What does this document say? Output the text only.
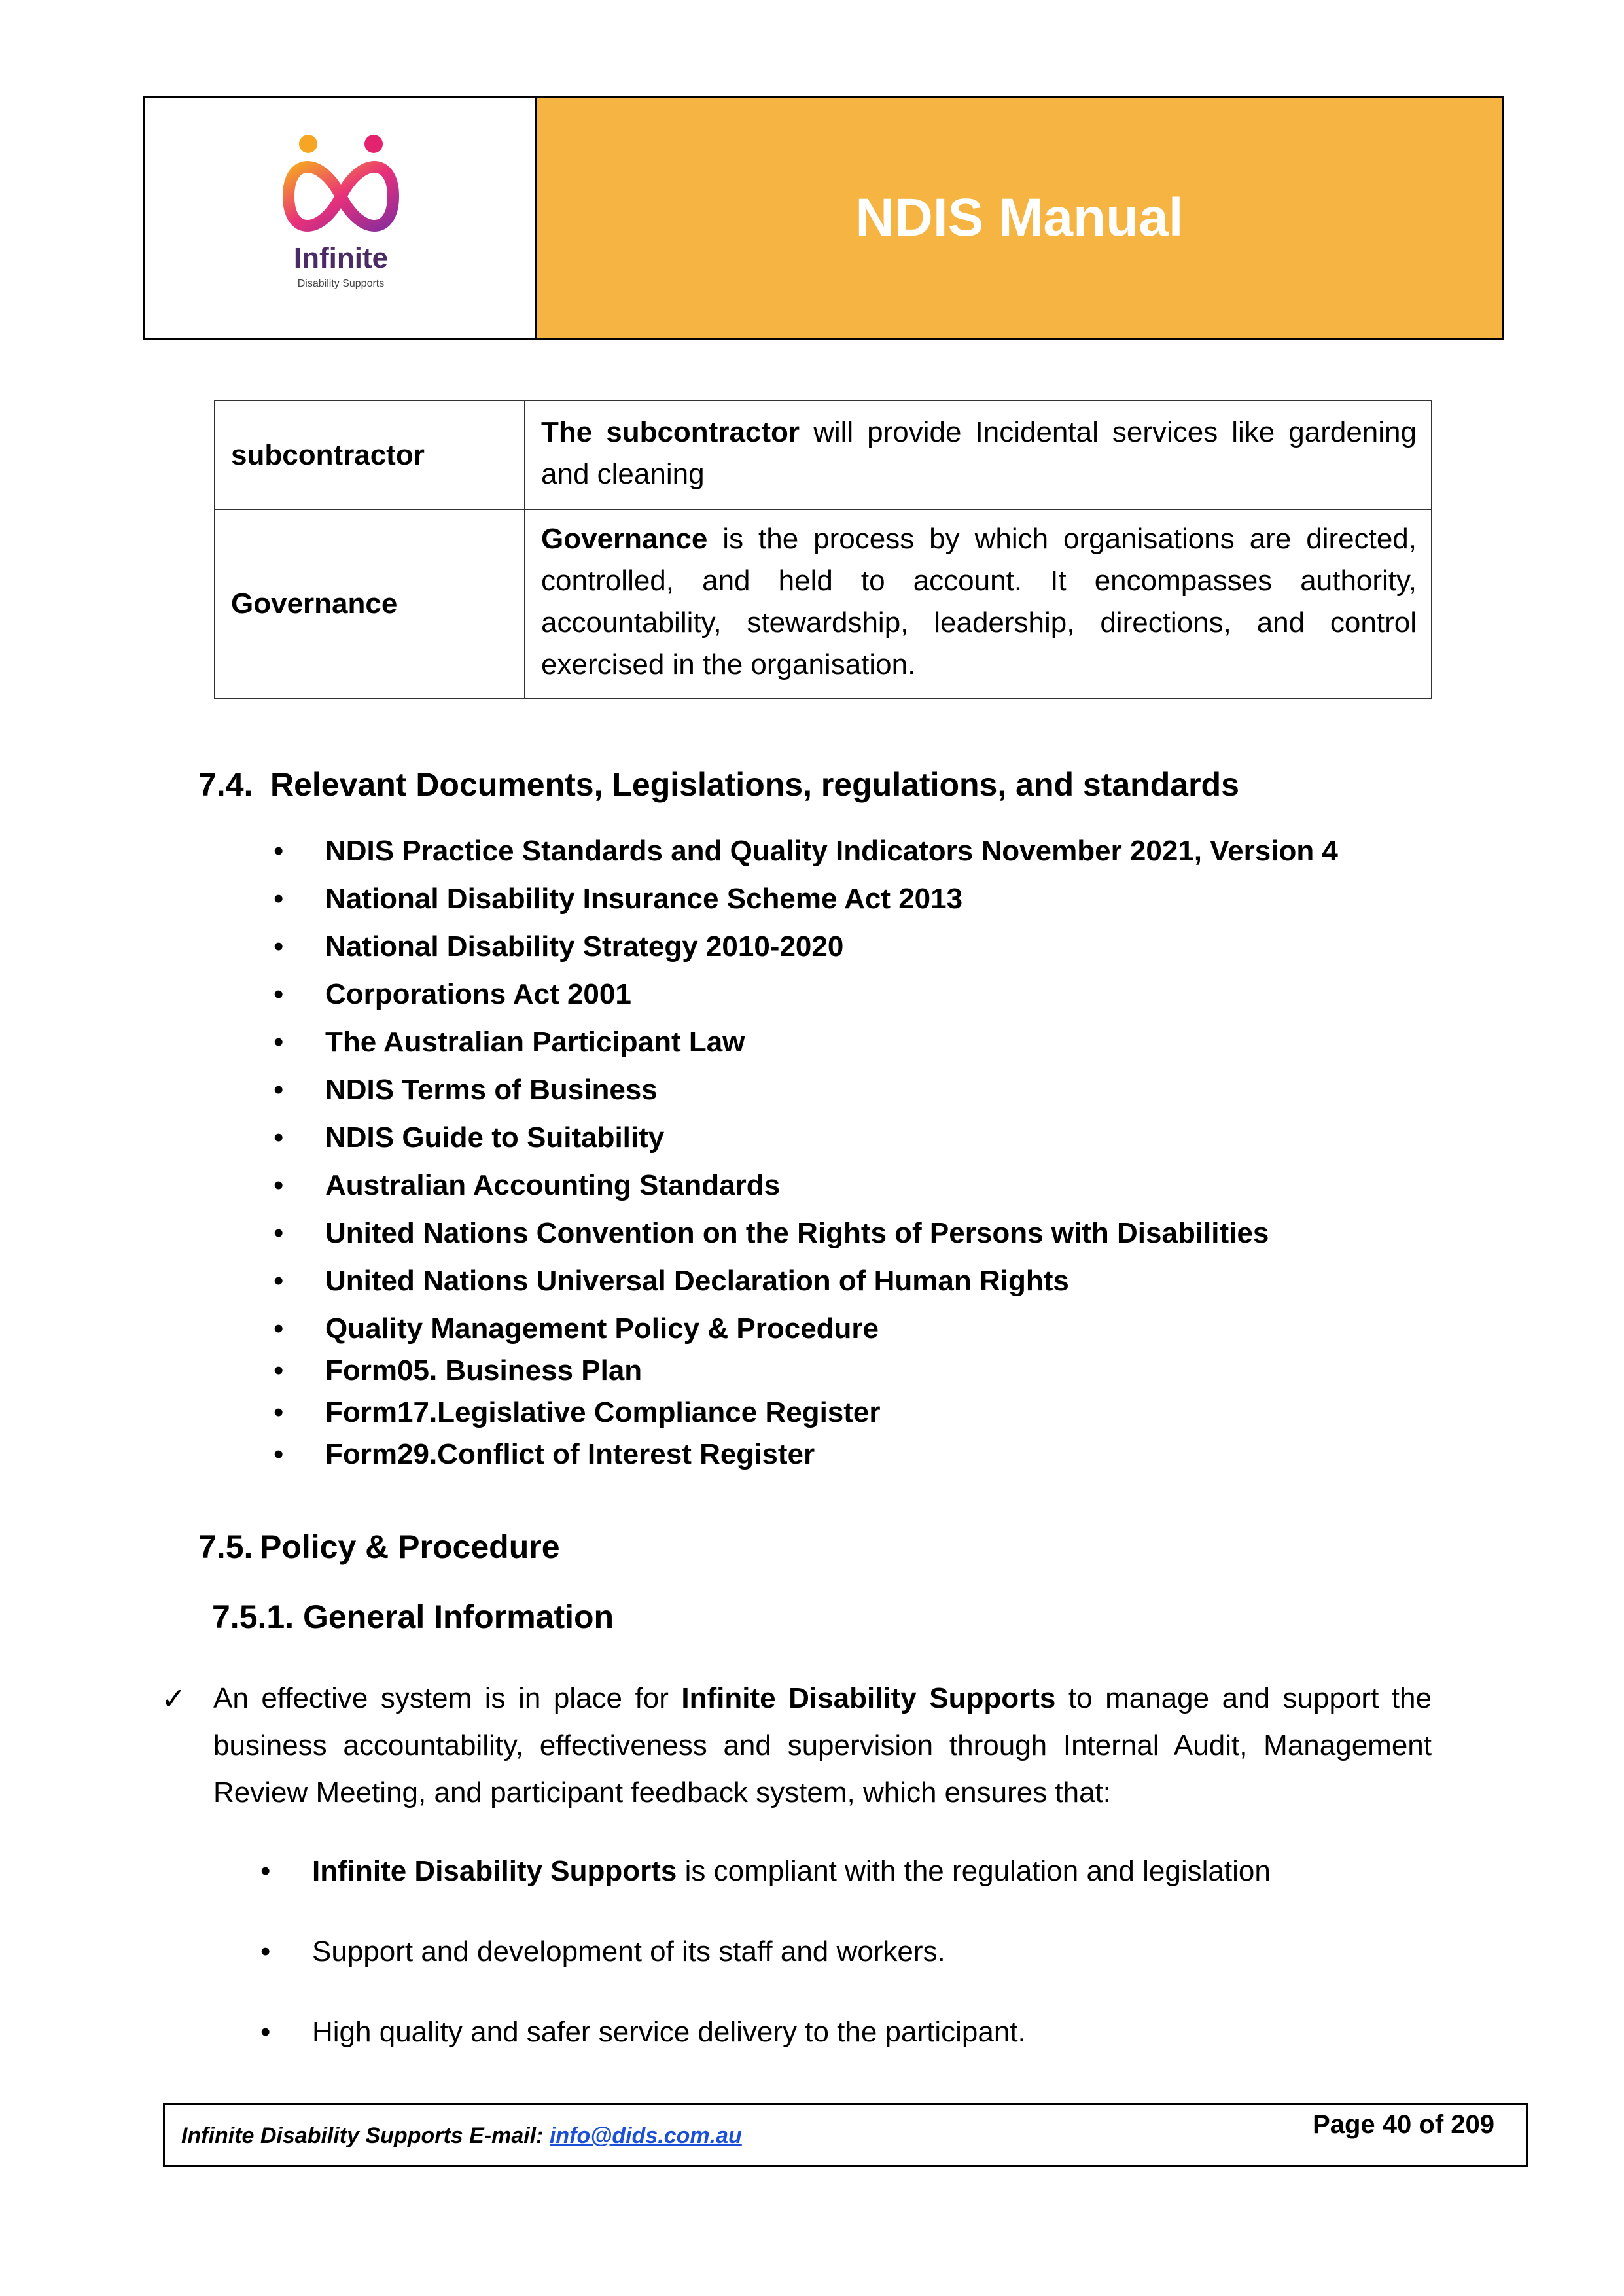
Infinite
Disability Supports
NDIS Manual
subcontractor	The subcontractor will provide Incidental services like gardening and cleaning
Governance	Governance is the process by which organisations are directed, controlled, and held to account. It encompasses authority, accountability, stewardship, leadership, directions, and control exercised in the organisation.
7.4. Relevant Documents, Legislations, regulations, and standards
• NDIS Practice Standards and Quality Indicators November 2021, Version 4
• National Disability Insurance Scheme Act 2013
• National Disability Strategy 2010-2020
• Corporations Act 2001
• The Australian Participant Law
• NDIS Terms of Business
• NDIS Guide to Suitability
• Australian Accounting Standards
• United Nations Convention on the Rights of Persons with Disabilities
• United Nations Universal Declaration of Human Rights
• Quality Management Policy & Procedure
• Form05. Business Plan
• Form17.Legislative Compliance Register
• Form29.Conflict of Interest Register
7.5. Policy & Procedure
7.5.1. General Information
✓ An effective system is in place for Infinite Disability Supports to manage and support the business accountability, effectiveness and supervision through Internal Audit, Management Review Meeting, and participant feedback system, which ensures that:

• Infinite Disability Supports is compliant with the regulation and legislation
• Support and development of its staff and workers.
• High quality and safer service delivery to the participant.
Infinite Disability Supports E-mail: info@dids.com.au	Page 40 of 209
